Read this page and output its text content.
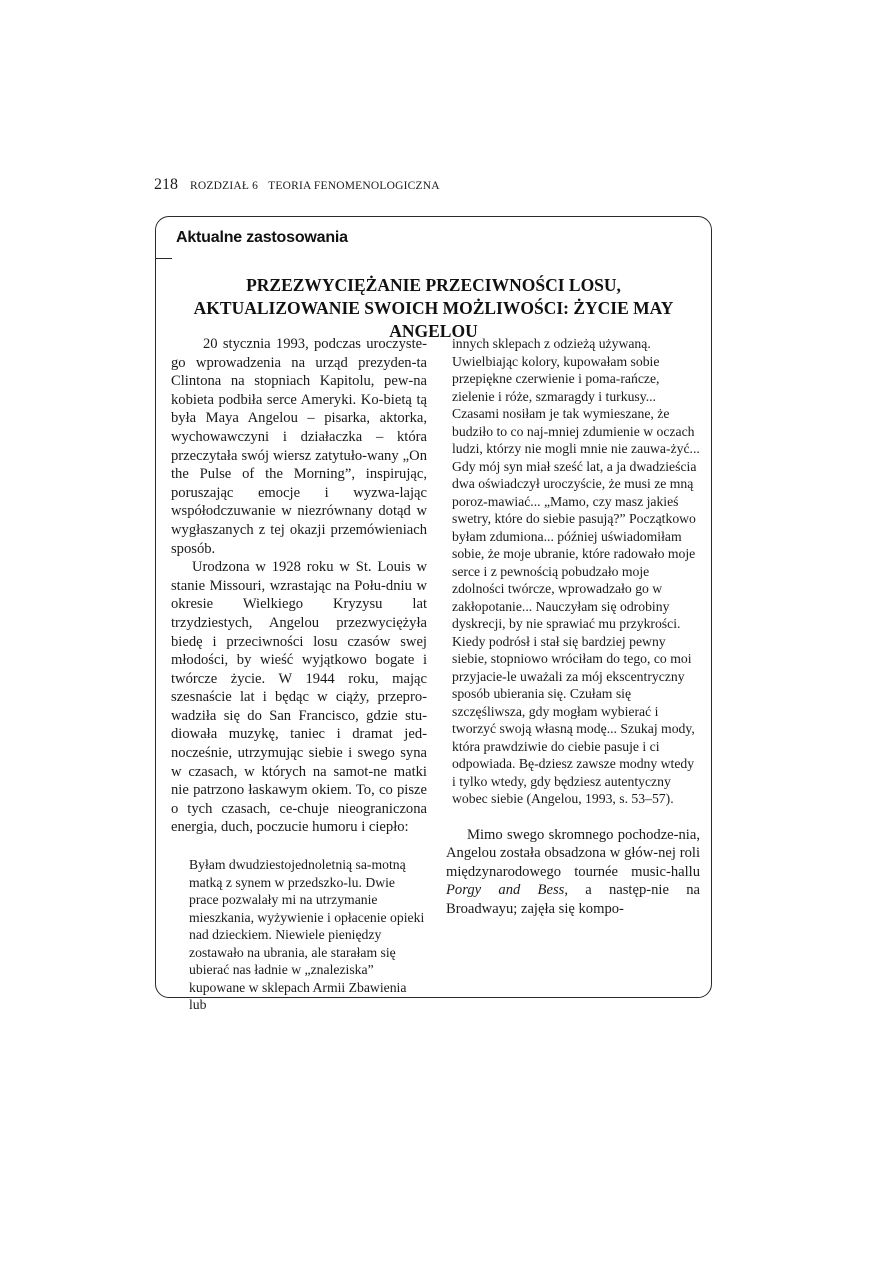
218 ROZDZIAŁ 6 TEORIA FENOMENOLOGICZNA
Aktualne zastosowania
PRZEZWYCIĘŻANIE PRZECIWNOŚCI LOSU, AKTUALIZOWANIE SWOICH MOŻLIWOŚCI: ŻYCIE MAY ANGELOU

20 stycznia 1993, podczas uroczyste-go wprowadzenia na urząd prezyden-ta Clintona na stopniach Kapitolu, pew-na kobieta podbiła serce Ameryki. Ko-bietą tą była Maya Angelou – pisarka, aktorka, wychowawczyni i działaczka – która przeczytała swój wiersz zatytuło-wany „On the Pulse of the Morning”, inspirując, poruszając emocje i wyzwa-lając współodczuwanie w niezrównany dotąd w wygłaszanych z tej okazji przemówieniach sposób.

Urodzona w 1928 roku w St. Louis w stanie Missouri, wzrastając na Połu-dniu w okresie Wielkiego Kryzysu lat trzydziestych, Angelou przezwyciężyła biedę i przeciwności losu czasów swej młodości, by wieść wyjątkowo bogate i twórcze życie. W 1944 roku, mając szesnaście lat i będąc w ciąży, przepro-wadziła się do San Francisco, gdzie stu-diowała muzykę, taniec i dramat jed-nocześnie, utrzymując siebie i swego syna w czasach, w których na samot-ne matki nie patrzono łaskawym okiem. To, co pisze o tych czasach, ce-chuje nieograniczona energia, duch, poczucie humoru i ciepło:

Byłam dwudziestojednoletnią sa-motną matką z synem w przedszko-lu. Dwie prace pozwalały mi na utrzymanie mieszkania, wyżywienie i opłacenie opieki nad dzieckiem. Niewiele pieniędzy zostawało na ubrania, ale starałam się ubierać nas ładnie w „znaleziska” kupowane w sklepach Armii Zbawienia lub
innych sklepach z odzieżą używaną. Uwielbiając kolory, kupowałam sobie przepiękne czerwienie i poma-rańcze, zielenie i róże, szmaragdy i turkusy... Czasami nosiłam je tak wymieszane, że budziło to co naj-mniej zdumienie w oczach ludzi, którzy nie mogli mnie nie zauwa-żyć... Gdy mój syn miał sześć lat, a ja dwadzieścia dwa oświadczył uroczyście, że musi ze mną poroz-mawiać... „Mamo, czy masz jakieś swetry, które do siebie pasują?” Początkowo byłam zdumiona... później uświadomiłam sobie, że moje ubranie, które radowało moje serce i z pewnością pobudzało moje zdolności twórcze, wprowadzało go w zakłopotanie... Nauczyłam się odrobiny dyskrecji, by nie sprawiać mu przykrości. Kiedy podrósł i stał się bardziej pewny siebie, stopniowo wróciłam do tego, co moi przyjacie-le uważali za mój ekscentryczny sposób ubierania się. Czułam się szczęśliwsza, gdy mogłam wybierać i tworzyć swoją własną modę... Szukaj mody, która prawdziwie do ciebie pasuje i ci odpowiada. Bę-dziesz zawsze modny wtedy i tylko wtedy, gdy będziesz autentyczny wobec siebie (Angelou, 1993, s. 53–57).

Mimo swego skromnego pochodze-nia, Angelou została obsadzona w głów-nej roli międzynarodowego tournée music-hallu Porgy and Bess, a następ-nie na Broadwayu; zajęła się kompo-
